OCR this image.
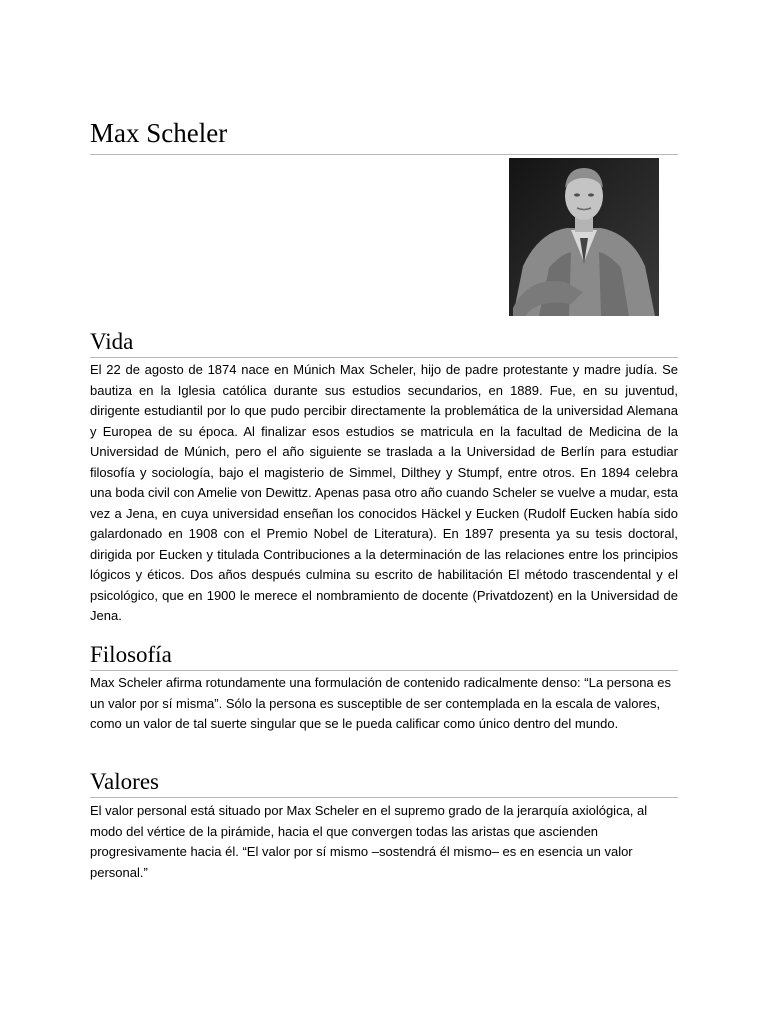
Max Scheler
Vida

El 22 de agosto de 1874 nace en Múnich Max Scheler, hijo de padre protestante y madre judía. Se bautiza en la Iglesia católica durante sus estudios secundarios, en 1889. Fue, en su juventud, dirigente estudiantil por lo que pudo percibir directamente la problemática de la universidad Alemana y Europea de su época. Al finalizar esos estudios se matricula en la facultad de Medicina de la Universidad de Múnich, pero el año siguiente se traslada a la Universidad de Berlín para estudiar filosofía y sociología, bajo el magisterio de Simmel, Dilthey y Stumpf, entre otros. En 1894 celebra una boda civil con Amelie von Dewittz. Apenas pasa otro año cuando Scheler se vuelve a mudar, esta vez a Jena, en cuya universidad enseñan los conocidos Häckel y Eucken (Rudolf Eucken había sido galardonado en 1908 con el Premio Nobel de Literatura). En 1897 presenta ya su tesis doctoral, dirigida por Eucken y titulada Contribuciones a la determinación de las relaciones entre los principios lógicos y éticos. Dos años después culmina su escrito de habilitación El método trascendental y el psicológico, que en 1900 le merece el nombramiento de docente (Privatdozent) en la Universidad de Jena.

Filosofía

Max Scheler afirma rotundamente una formulación de contenido radicalmente denso: “La persona es un valor por sí misma”. Sólo la persona es susceptible de ser contemplada en la escala de valores, como un valor de tal suerte singular que se le pueda calificar como único dentro del mundo.

Valores

El valor personal está situado por Max Scheler en el supremo grado de la jerarquía axiológica, al modo del vértice de la pirámide, hacia el que convergen todas las aristas que ascienden progresivamente hacia él. “El valor por sí mismo –sostendrá él mismo– es en esencia un valor personal.”
